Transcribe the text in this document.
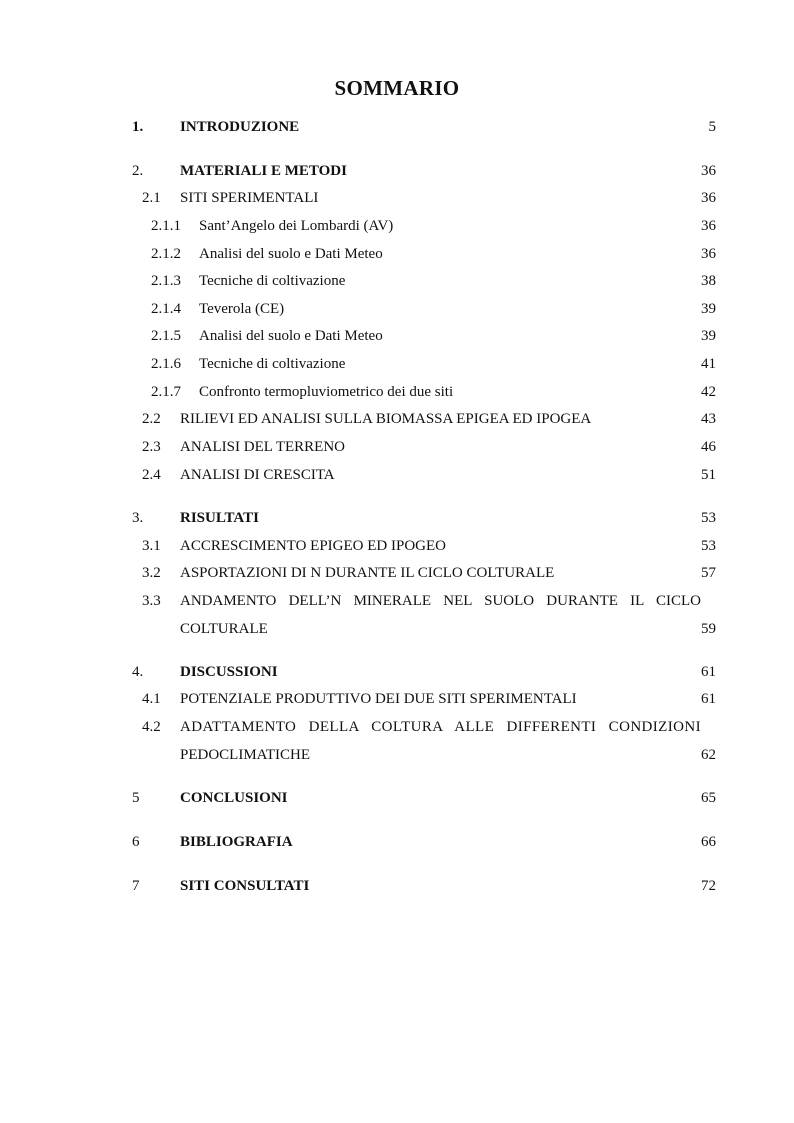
SOMMARIO
1. INTRODUZIONE	5
2. MATERIALI E METODI	36
2.1 SITI SPERIMENTALI	36
2.1.1 Sant’Angelo dei Lombardi (AV)	36
2.1.2 Analisi del suolo e Dati Meteo	36
2.1.3 Tecniche di coltivazione	38
2.1.4 Teverola (CE)	39
2.1.5 Analisi del suolo e Dati Meteo	39
2.1.6 Tecniche di coltivazione	41
2.1.7 Confronto termopluviometrico dei due siti	42
2.2 RILIEVI ED ANALISI SULLA BIOMASSA EPIGEA ED IPOGEA	43
2.3 ANALISI DEL TERRENO	46
2.4 ANALISI DI CRESCITA	51
3. RISULTATI	53
3.1 ACCRESCIMENTO EPIGEO ED IPOGEO	53
3.2 ASPORTAZIONI DI N DURANTE IL CICLO COLTURALE	57
3.3 ANDAMENTO DELL’N MINERALE NEL SUOLO DURANTE IL CICLO
COLTURALE	59
4. DISCUSSIONI	61
4.1 POTENZIALE PRODUTTIVO DEI DUE SITI SPERIMENTALI	61
4.2 ADATTAMENTO DELLA COLTURA ALLE DIFFERENTI CONDIZIONI
PEDOCLIMATICHE	62
5	CONCLUSIONI	65
6	BIBLIOGRAFIA	66
7	SITI CONSULTATI	72
